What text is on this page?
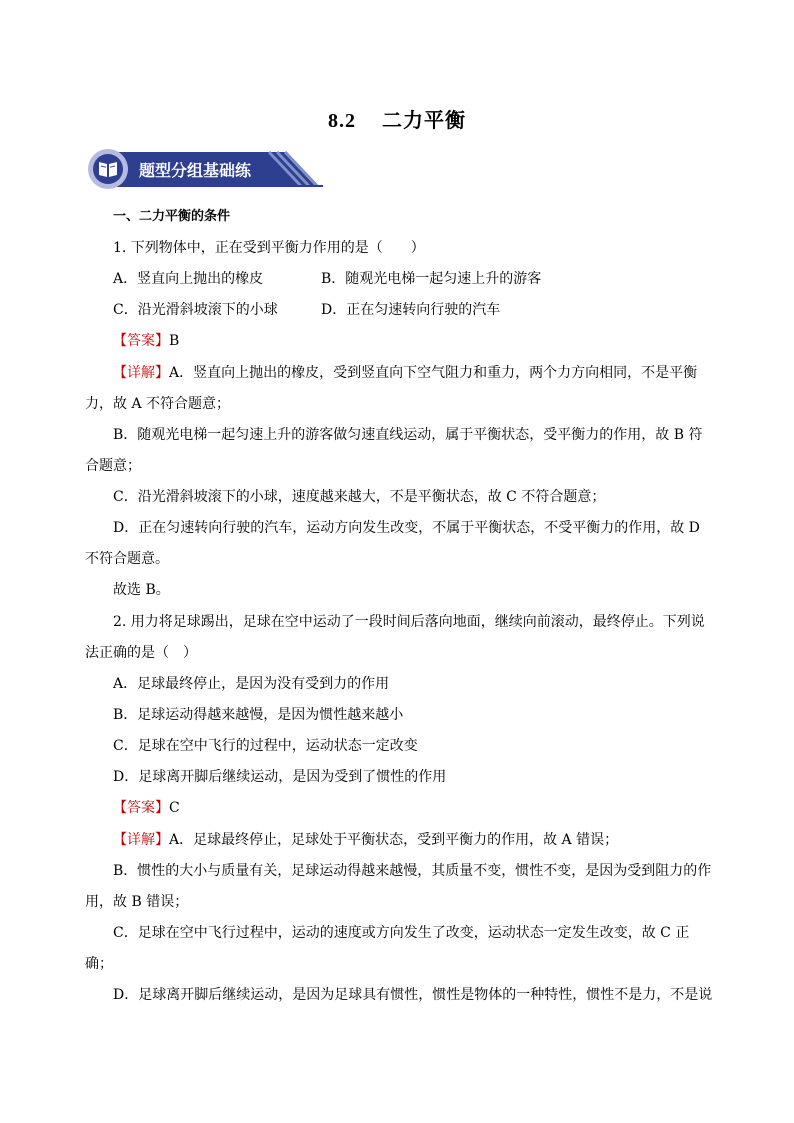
8.2 二力平衡
题型分组基础练
一、二力平衡的条件
1. 下列物体中，正在受到平衡力作用的是（　　）
A．竖直向上抛出的橡皮	B．随观光电梯一起匀速上升的游客
C．沿光滑斜坡滚下的小球	D．正在匀速转向行驶的汽车
【答案】B
【详解】A．竖直向上抛出的橡皮，受到竖直向下空气阻力和重力，两个力方向相同，不是平衡
力，故 A 不符合题意；
B．随观光电梯一起匀速上升的游客做匀速直线运动，属于平衡状态，受平衡力的作用，故 B 符
合题意；
C．沿光滑斜坡滚下的小球，速度越来越大，不是平衡状态，故 C 不符合题意；
D．正在匀速转向行驶的汽车，运动方向发生改变，不属于平衡状态，不受平衡力的作用，故 D
不符合题意。
故选 B。
2. 用力将足球踢出，足球在空中运动了一段时间后落向地面，继续向前滚动，最终停止。下列说
法正确的是（　）
A．足球最终停止，是因为没有受到力的作用
B．足球运动得越来越慢，是因为惯性越来越小
C．足球在空中飞行的过程中，运动状态一定改变
D．足球离开脚后继续运动，是因为受到了惯性的作用
【答案】C
【详解】A．足球最终停止，足球处于平衡状态，受到平衡力的作用，故 A 错误；
B．惯性的大小与质量有关，足球运动得越来越慢，其质量不变，惯性不变，是因为受到阻力的作
用，故 B 错误；
C．足球在空中飞行过程中，运动的速度或方向发生了改变，运动状态一定发生改变，故 C 正
确；
D．足球离开脚后继续运动，是因为足球具有惯性，惯性是物体的一种特性，惯性不是力，不是说
